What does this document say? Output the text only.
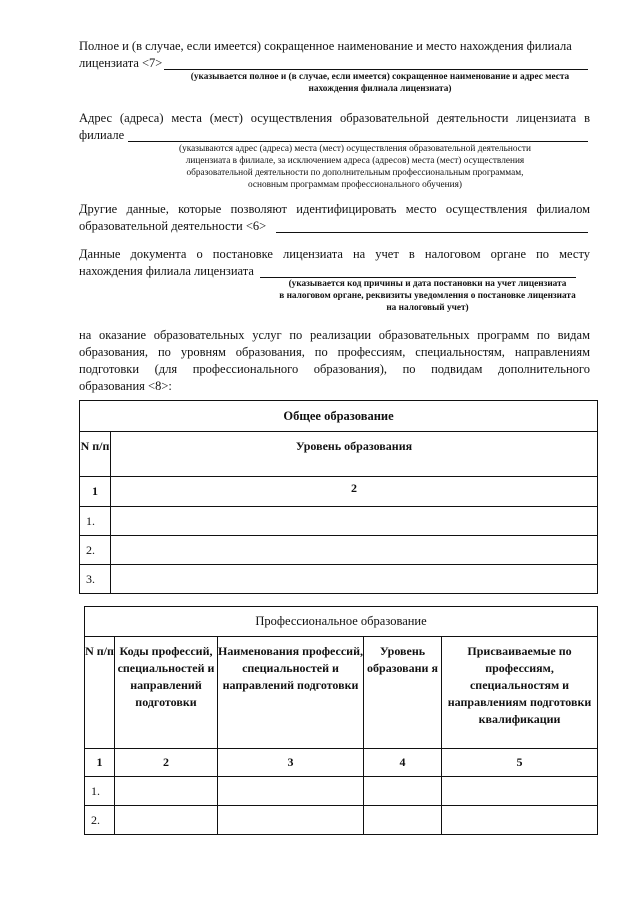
Полное и (в случае, если имеется) сокращенное наименование и место нахождения филиала
лицензиата <7>
(указывается полное и (в случае, если имеется) сокращенное наименование и адрес места
нахождения филиала лицензиата)
Адрес (адреса) места (мест) осуществления образовательной деятельности лицензиата в
филиале
(указываются адрес (адреса) места (мест) осуществления образовательной деятельности
лицензиата в филиале, за исключением адреса (адресов) места (мест) осуществления
образовательной деятельности по дополнительным профессиональным программам,
основным программам профессионального обучения)
Другие данные, которые позволяют идентифицировать место осуществления филиалом
образовательной деятельности <6>
Данные документа о постановке лицензиата на учет в налоговом органе по месту
нахождения филиала лицензиата
(указывается код причины и дата постановки на учет лицензиата
в налоговом органе, реквизиты уведомления о постановке лицензиата
на налоговый учет)
на оказание образовательных услуг по реализации образовательных программ по видам
образования, по уровням образования, по профессиям, специальностям, направлениям
подготовки (для профессионального образования), по подвидам дополнительного
образования <8>:
Общее образование	
N п/п	Уровень образования
1	2
1.	
2.	
3.	
Профессиональное образование				
N п/п	Коды профессий, специальностей и направлений подготовки	Наименования профессий, специальностей и направлений подготовки	Уровень образовани я	Присваиваемые по профессиям, специальностям и направлениям подготовки квалификации
1	2	3	4	5
1.				
2.				
